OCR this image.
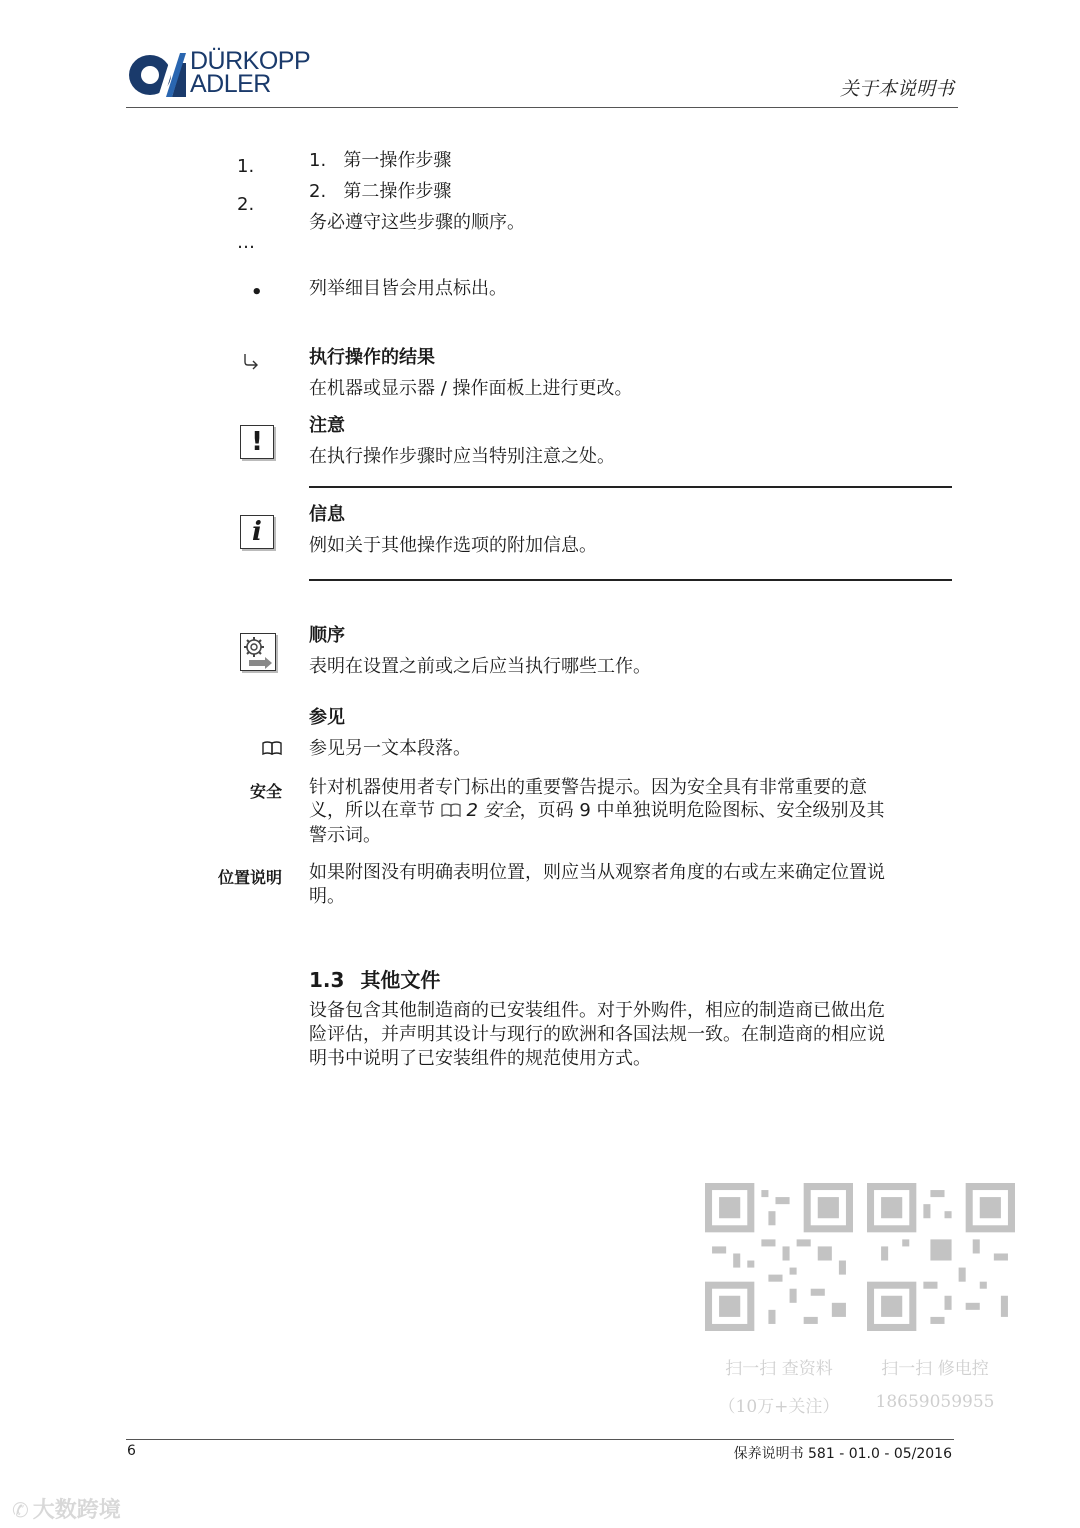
DÜRKOPP
ADLER	关于本说明书
1.
2.
…
1.   第一操作步骤
2.   第二操作步骤
务必遵守这些步骤的顺序。
•	列举细目皆会用点标出。
执行操作的结果
在机器或显示器 / 操作面板上进行更改。
!
注意
在执行操作步骤时应当特别注意之处。
i
信息
例如关于其他操作选项的附加信息。
顺序
表明在设置之前或之后应当执行哪些工作。
参见
参见另一文本段落。
安全 针对机器使用者专门标出的重要警告提示。因为安全具有非常重要的意
义，所以在章节  2 安全，页码 9 中单独说明危险图标、安全级别及其
警示词。
位置说明 如果附图没有明确表明位置，则应当从观察者角度的右或左来确定位置说
明。
1.3 其他文件
设备包含其他制造商的已安装组件。对于外购件，相应的制造商已做出危
险评估，并声明其设计与现行的欧洲和各国法规一致。在制造商的相应说
明书中说明了已安装组件的规范使用方式。
扫一扫 查资料
（10万+关注）
扫一扫 修电控
18659059955
6	保养说明书 581 - 01.0 - 05/2016
✆ 大数跨境
